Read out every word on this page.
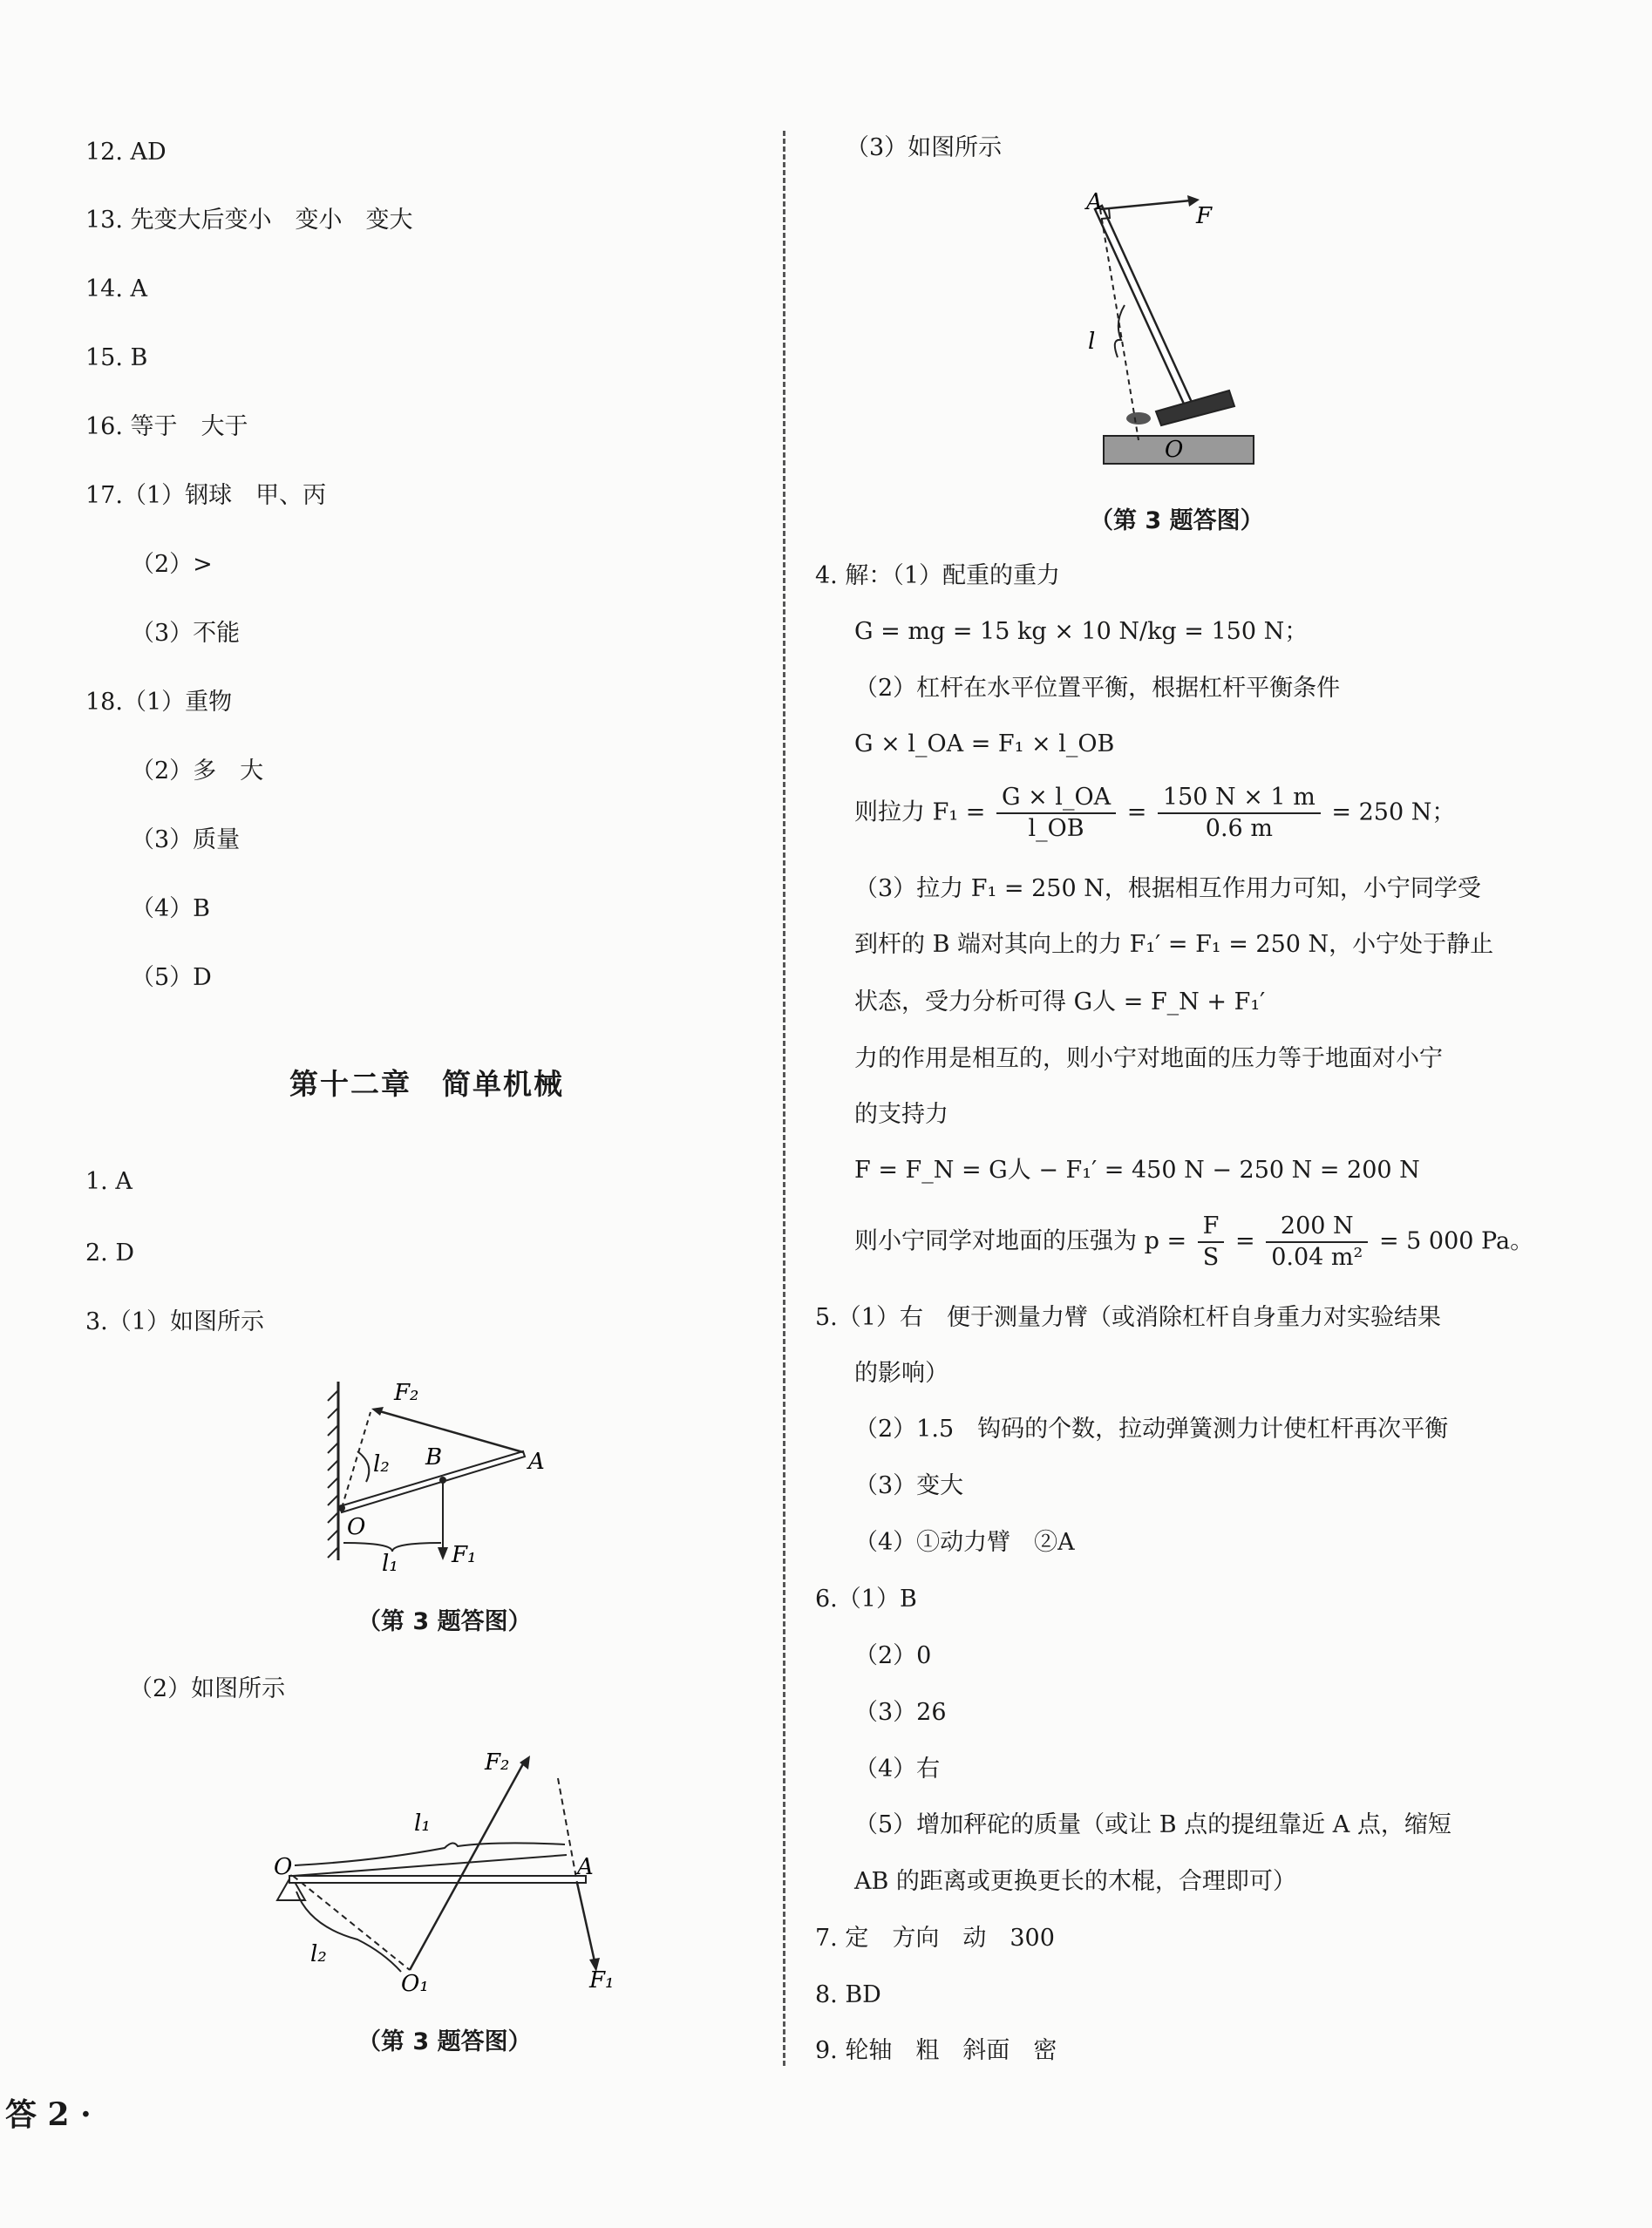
12. AD
13. 先变大后变小　变小　变大
14. A
15. B
16. 等于　大于
17.（1）钢球　甲、丙
（2）>
（3）不能
18.（1）重物
（2）多　大
（3）质量
（4）B
（5）D
第十二章　简单机械
1. A
2. D
3.（1）如图所示
F₂
A
B
O
l₁
l₂
F₁
（第 3 题答图）
（2）如图所示
F₂
l₁
O	A
l₂
O₁	F₁
（第 3 题答图）
（3）如图所示
A
F
l
O
（第 3 题答图）
4. 解：（1）配重的重力
G = mg = 15 kg × 10 N/kg = 150 N；
（2）杠杆在水平位置平衡，根据杠杆平衡条件
G × l_OA = F₁ × l_OB
则拉力 $F_1 = \frac{G \times l\_OA}{l\_OB} = \frac{150 N \times 1 m}{0.6 m} = 250$ N；
（3）拉力 F₁ = 250 N，根据相互作用力可知，小宁同学受
到杆的 B 端对其向上的力 F₁′ = F₁ = 250 N，小宁处于静止
状态，受力分析可得 G人 = F_N + F₁′
力的作用是相互的，则小宁对地面的压力等于地面对小宁
的支持力
F = F_N = G人 − F₁′ = 450 N − 250 N = 200 N
则小宁同学对地面的压强为 $p = \frac{F}{S} = \frac{200 N}{\text{0.04 m²}} = 5$ 000 Pa。
5.（1）右　便于测量力臂（或消除杠杆自身重力对实验结果
的影响）
（2）1.5　钩码的个数，拉动弹簧测力计使杠杆再次平衡
（3）变大
（4）①动力臂　②A
6.（1）B
（2）0
（3）26
（4）右
（5）增加秤砣的质量（或让 B 点的提纽靠近 A 点，缩短
AB 的距离或更换更长的木棍，合理即可）
7. 定　方向　动　300
8. BD
9. 轮轴　粗　斜面　密
答 2 ·
